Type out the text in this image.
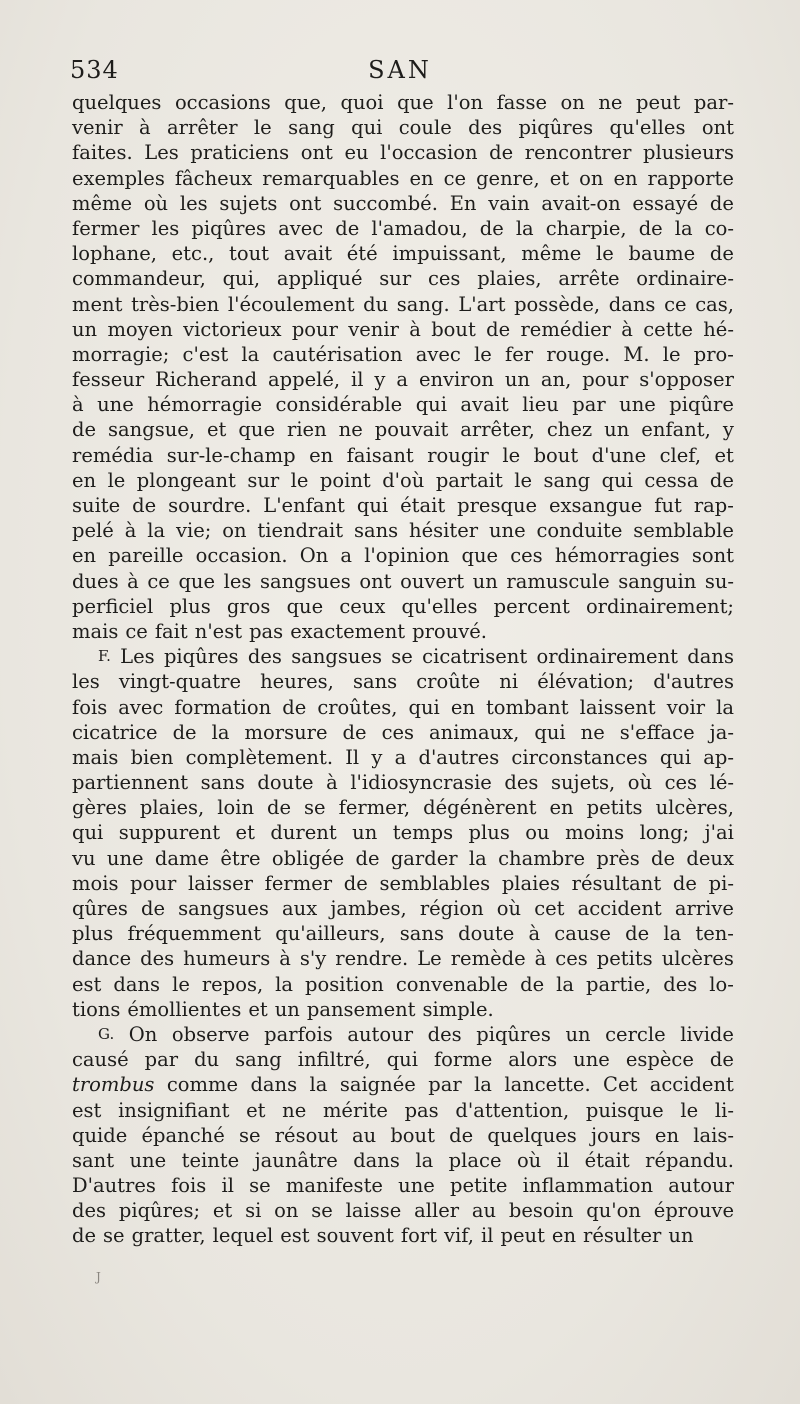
534	SAN
quelques occasions que, quoi que l'on fasse on ne peut par-
venir à arrêter le sang qui coule des piqûres qu'elles ont
faites. Les praticiens ont eu l'occasion de rencontrer plusieurs
exemples fâcheux remarquables en ce genre, et on en rapporte
même où les sujets ont succombé. En vain avait-on essayé de
fermer les piqûres avec de l'amadou, de la charpie, de la co-
lophane, etc., tout avait été impuissant, même le baume de
commandeur, qui, appliqué sur ces plaies, arrête ordinaire-
ment très-bien l'écoulement du sang. L'art possède, dans ce cas,
un moyen victorieux pour venir à bout de remédier à cette hé-
morragie; c'est la cautérisation avec le fer rouge. M. le pro-
fesseur Richerand appelé, il y a environ un an, pour s'opposer
à une hémorragie considérable qui avait lieu par une piqûre
de sangsue, et que rien ne pouvait arrêter, chez un enfant, y
remédia sur-le-champ en faisant rougir le bout d'une clef, et
en le plongeant sur le point d'où partait le sang qui cessa de
suite de sourdre. L'enfant qui était presque exsangue fut rap-
pelé à la vie; on tiendrait sans hésiter une conduite semblable
en pareille occasion. On a l'opinion que ces hémorragies sont
dues à ce que les sangsues ont ouvert un ramuscule sanguin su-
perficiel plus gros que ceux qu'elles percent ordinairement;
mais ce fait n'est pas exactement prouvé.
F. Les piqûres des sangsues se cicatrisent ordinairement dans
les vingt-quatre heures, sans croûte ni élévation; d'autres
fois avec formation de croûtes, qui en tombant laissent voir la
cicatrice de la morsure de ces animaux, qui ne s'efface ja-
mais bien complètement. Il y a d'autres circonstances qui ap-
partiennent sans doute à l'idiosyncrasie des sujets, où ces lé-
gères plaies, loin de se fermer, dégénèrent en petits ulcères,
qui suppurent et durent un temps plus ou moins long; j'ai
vu une dame être obligée de garder la chambre près de deux
mois pour laisser fermer de semblables plaies résultant de pi-
qûres de sangsues aux jambes, région où cet accident arrive
plus fréquemment qu'ailleurs, sans doute à cause de la ten-
dance des humeurs à s'y rendre. Le remède à ces petits ulcères
est dans le repos, la position convenable de la partie, des lo-
tions émollientes et un pansement simple.
G. On observe parfois autour des piqûres un cercle livide
causé par du sang infiltré, qui forme alors une espèce de
trombus comme dans la saignée par la lancette. Cet accident
est insignifiant et ne mérite pas d'attention, puisque le li-
quide épanché se résout au bout de quelques jours en lais-
sant une teinte jaunâtre dans la place où il était répandu.
D'autres fois il se manifeste une petite inflammation autour
des piqûres; et si on se laisse aller au besoin qu'on éprouve
de se gratter, lequel est souvent fort vif, il peut en résulter un
J
